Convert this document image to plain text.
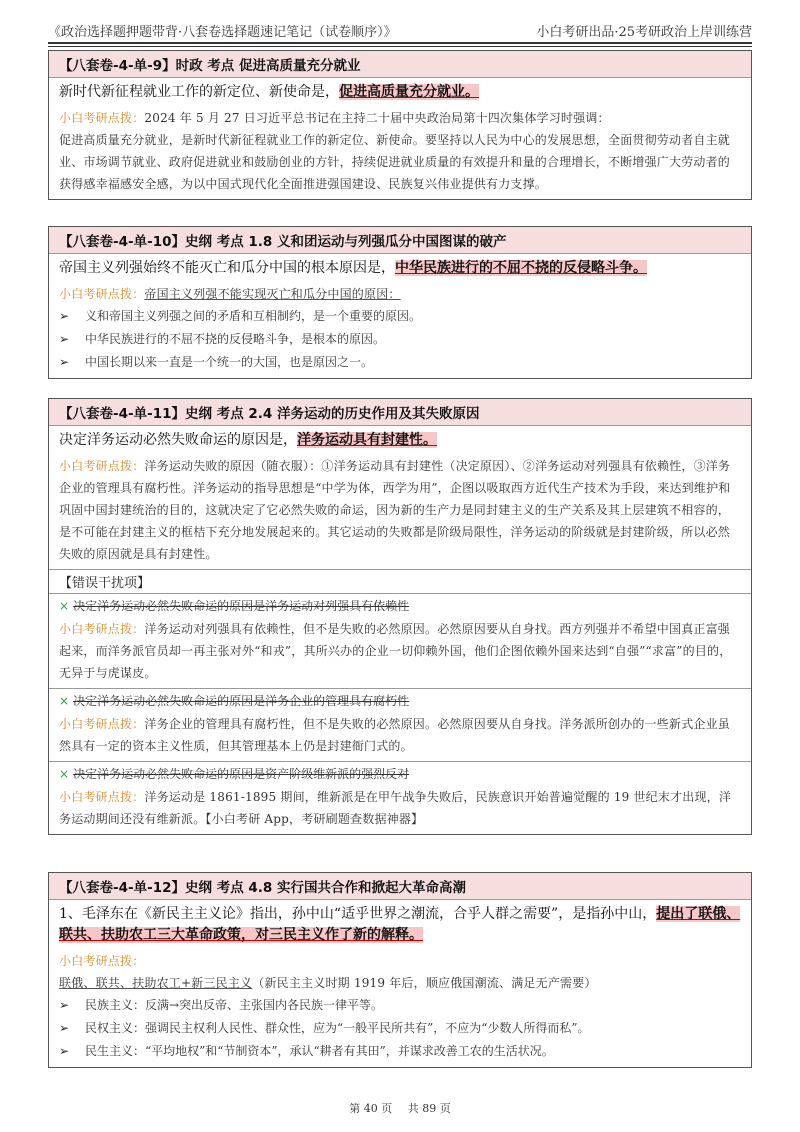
《政治选择题押题带背·八套卷选择题速记笔记（试卷顺序）》	小白考研出品·25考研政治上岸训练营
【八套卷-4-单-9】时政 考点 促进高质量充分就业
新时代新征程就业工作的新定位、新使命是，促进高质量充分就业。
小白考研点拨：2024 年 5 月 27 日习近平总书记在主持二十届中央政治局第十四次集体学习时强调：
促进高质量充分就业，是新时代新征程就业工作的新定位、新使命。要坚持以人民为中心的发展思想，全面贯彻劳动者自主就业、市场调节就业、政府促进就业和鼓励创业的方针，持续促进就业质量的有效提升和量的合理增长，不断增强广大劳动者的获得感幸福感安全感，为以中国式现代化全面推进强国建设、民族复兴伟业提供有力支撑。
【八套卷-4-单-10】史纲 考点 1.8 义和团运动与列强瓜分中国图谋的破产
帝国主义列强始终不能灭亡和瓜分中国的根本原因是，中华民族进行的不屈不挠的反侵略斗争。
小白考研点拨：帝国主义列强不能实现灭亡和瓜分中国的原因：
➢	义和帝国主义列强之间的矛盾和互相制约，是一个重要的原因。
➢	中华民族进行的不屈不挠的反侵略斗争，是根本的原因。
➢	中国长期以来一直是一个统一的大国，也是原因之一。
【八套卷-4-单-11】史纲 考点 2.4 洋务运动的历史作用及其失败原因
决定洋务运动必然失败命运的原因是，洋务运动具有封建性。
小白考研点拨：洋务运动失败的原因（随衣服）：①洋务运动具有封建性（决定原因）、②洋务运动对列强具有依赖性，③洋务企业的管理具有腐朽性。洋务运动的指导思想是“中学为体，西学为用”，企图以吸取西方近代生产技术为手段，来达到维护和巩固中国封建统治的目的，这就决定了它必然失败的命运，因为新的生产力是同封建主义的生产关系及其上层建筑不相容的，是不可能在封建主义的框桔下充分地发展起来的。其它运动的失败都是阶级局限性，洋务运动的阶级就是封建阶级，所以必然失败的原因就是具有封建性。
【错误干扰项】
× 决定洋务运动必然失败命运的原因是洋务运动对列强具有依赖性
小白考研点拨：洋务运动对列强具有依赖性，但不是失败的必然原因。必然原因要从自身找。西方列强并不希望中国真正富强起来，而洋务派官员却一再主张对外“和戎”，其所兴办的企业一切仰赖外国，他们企图依赖外国来达到“自强”“求富”的目的，无异于与虎谋皮。
× 决定洋务运动必然失败命运的原因是洋务企业的管理具有腐朽性
小白考研点拨：洋务企业的管理具有腐朽性，但不是失败的必然原因。必然原因要从自身找。洋务派所创办的一些新式企业虽然具有一定的资本主义性质，但其管理基本上仍是封建衙门式的。
× 决定洋务运动必然失败命运的原因是资产阶级维新派的强烈反对
小白考研点拨：洋务运动是 1861-1895 期间，维新派是在甲午战争失败后，民族意识开始普遍觉醒的 19 世纪末才出现，洋务运动期间还没有维新派。【小白考研 App，考研刷题查数据神器】
【八套卷-4-单-12】史纲 考点 4.8 实行国共合作和掀起大革命高潮
1、毛泽东在《新民主主义论》指出，孙中山“适乎世界之潮流，合乎人群之需要”，是指孙中山，提出了联俄、联共、扶助农工三大革命政策，对三民主义作了新的解释。
小白考研点拨：
联俄、联共、扶助农工+新三民主义（新民主主义时期 1919 年后，顺应俄国潮流、满足无产需要）
➢	民族主义：反满→突出反帝、主张国内各民族一律平等。
➢	民权主义：强调民主权利人民性、群众性，应为“一般平民所共有”，不应为“少数人所得而私”。
➢	民生主义：“平均地权”和“节制资本”，承认“耕者有其田”，并谋求改善工农的生活状况。
第 40 页 共 89 页
